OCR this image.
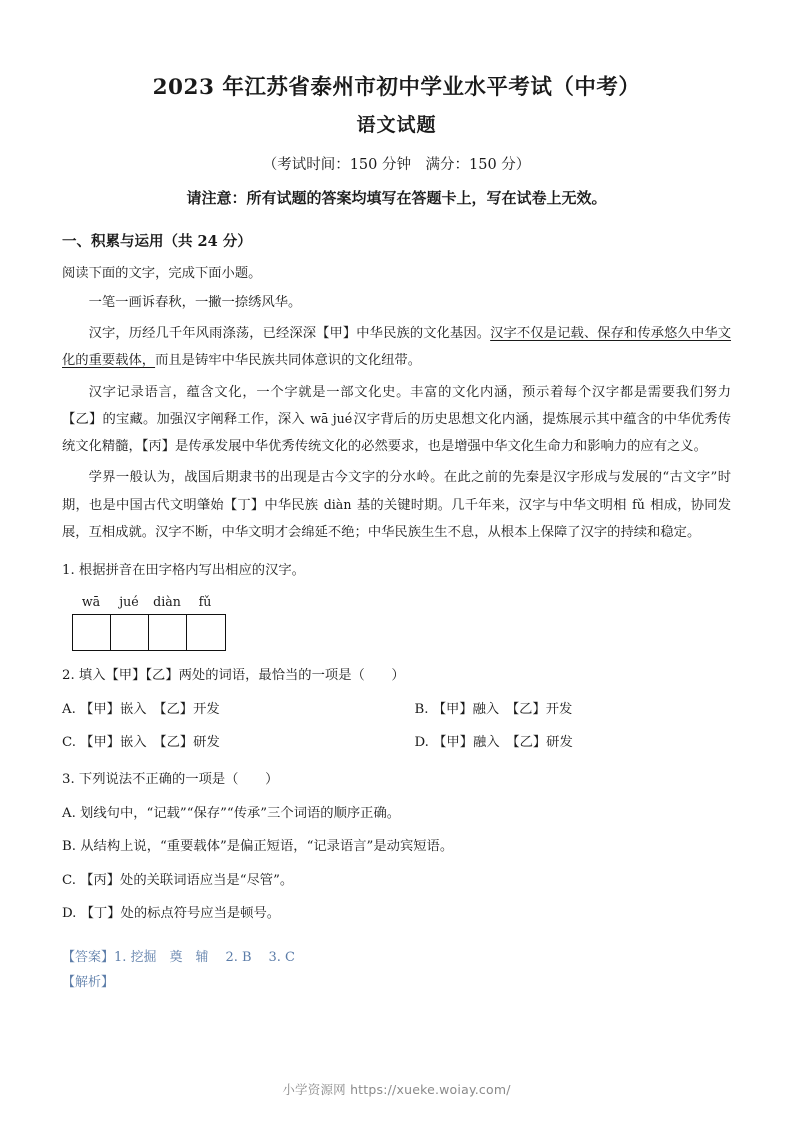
2023 年江苏省泰州市初中学业水平考试（中考）
语文试题
（考试时间：150 分钟　满分：150 分）
请注意：所有试题的答案均填写在答题卡上，写在试卷上无效。
一、积累与运用（共 24 分）
阅读下面的文字，完成下面小题。
一笔一画诉春秋，一撇一捺绣风华。
汉字，历经几千年风雨涤荡，已经深深【甲】中华民族的文化基因。汉字不仅是记载、保存和传承悠久中华文化的重要载体，而且是铸牢中华民族共同体意识的文化纽带。
汉字记录语言，蕴含文化，一个字就是一部文化史。丰富的文化内涵，预示着每个汉字都是需要我们努力【乙】的宝藏。加强汉字阐释工作，深入 wā jué汉字背后的历史思想文化内涵，提炼展示其中蕴含的中华优秀传统文化精髓，【丙】是传承发展中华优秀传统文化的必然要求，也是增强中华文化生命力和影响力的应有之义。
学界一般认为，战国后期隶书的出现是古今文字的分水岭。在此之前的先秦是汉字形成与发展的“古文字”时期，也是中国古代文明肇始【丁】中华民族 diàn 基的关键时期。几千年来，汉字与中华文明相 fǔ 相成，协同发展，互相成就。汉字不断，中华文明才会绵延不绝；中华民族生生不息，从根本上保障了汉字的持续和稳定。
1. 根据拼音在田字格内写出相应的汉字。
wā	jué	diàn	fǔ
2. 填入【甲】【乙】两处的词语，最恰当的一项是（　　）
A. 【甲】嵌入　【乙】开发	B. 【甲】融入　【乙】开发
C. 【甲】嵌入　【乙】研发	D. 【甲】融入　【乙】研发
3. 下列说法不正确的一项是（　　）
A. 划线句中，“记载”“保存”“传承”三个词语的顺序正确。
B. 从结构上说，“重要载体”是偏正短语，“记录语言”是动宾短语。
C. 【丙】处的关联词语应当是“尽管”。
D. 【丁】处的标点符号应当是顿号。
【答案】1. 挖掘　奠　辅 2. B 3. C
【解析】
小学资源网 https://xueke.woiay.com/
